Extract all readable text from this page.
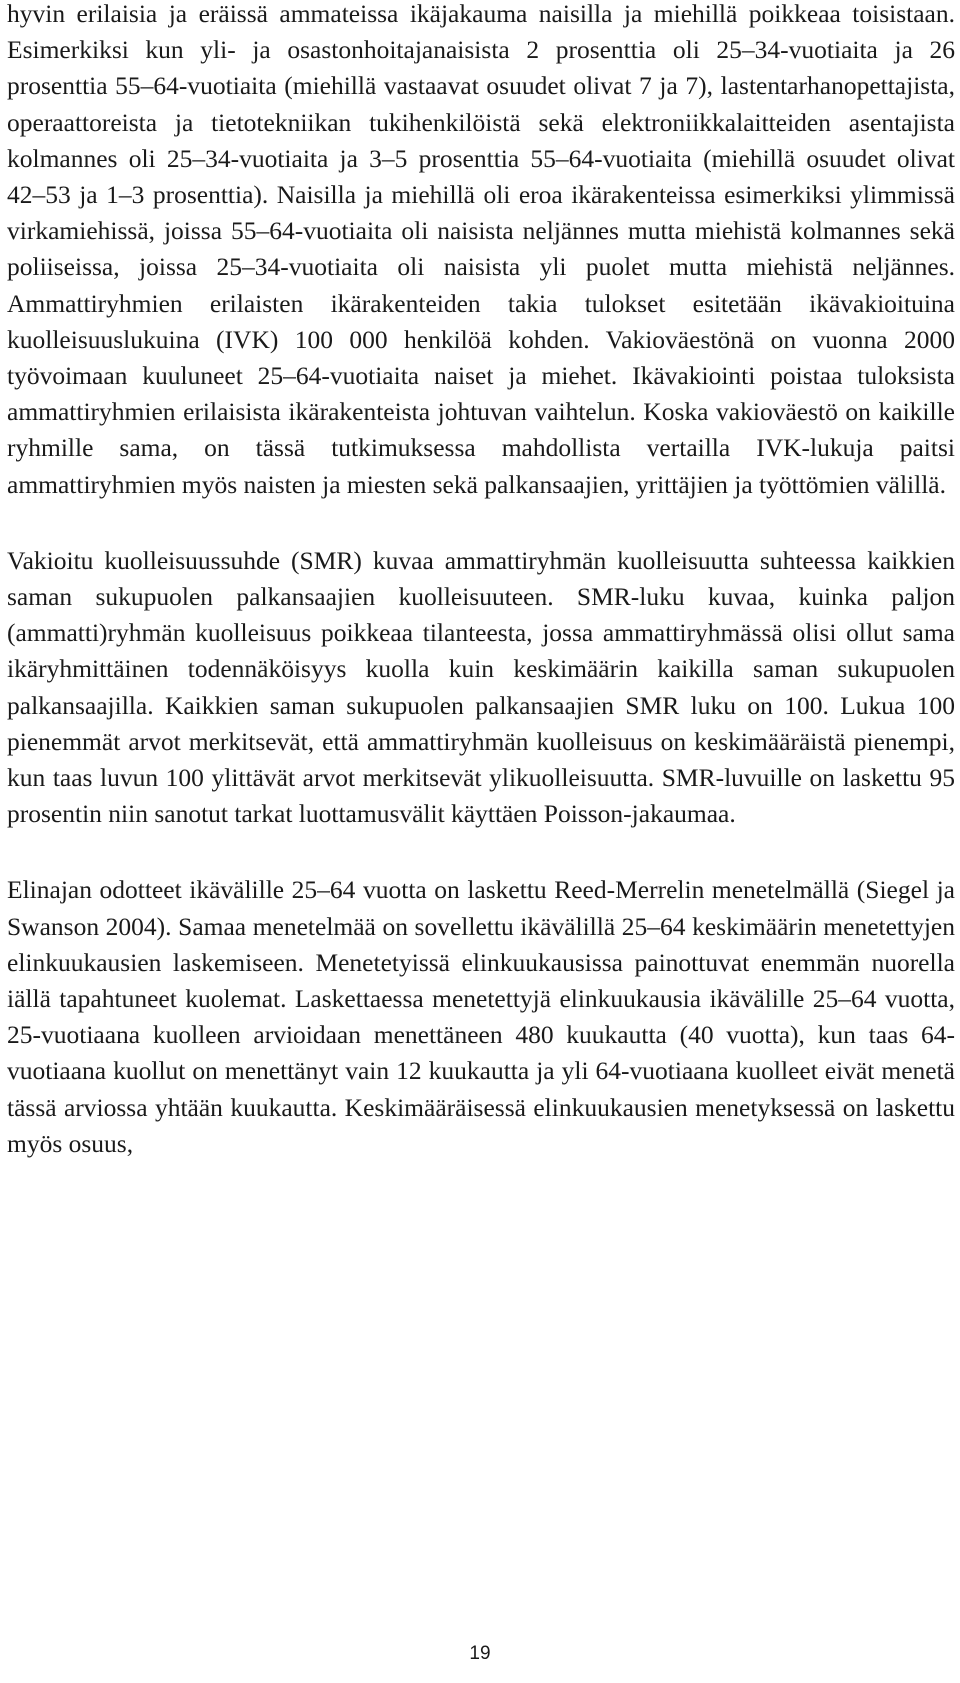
hyvin erilaisia ja eräissä ammateissa ikäjakauma naisilla ja miehillä poikkeaa toisistaan. Esimerkiksi kun yli- ja osastonhoitajanaisista 2 prosenttia oli 25–34-vuotiaita ja 26 prosenttia 55–64-vuotiaita (miehillä vastaavat osuudet olivat 7 ja 7), lastentarhanopettajista, operaattoreista ja tietotekniikan tukihenkilöistä sekä elektroniikkalaitteiden asentajista kolmannes oli 25–34-vuotiaita ja 3–5 prosenttia 55–64-vuotiaita (miehillä osuudet olivat 42–53 ja 1–3 prosenttia). Naisilla ja miehillä oli eroa ikärakenteissa esimerkiksi ylimmissä virkamiehissä, joissa 55–64-vuotiaita oli naisista neljännes mutta miehistä kolmannes sekä poliiseissa, joissa 25–34-vuotiaita oli naisista yli puolet mutta miehistä neljännes. Ammattiryhmien erilaisten ikärakenteiden takia tulokset esitetään ikävakioituina kuolleisuuslukuina (IVK) 100 000 henkilöä kohden. Vakioväestönä on vuonna 2000 työvoimaan kuuluneet 25–64-vuotiaita naiset ja miehet. Ikävakiointi poistaa tuloksista ammattiryhmien erilaisista ikärakenteista johtuvan vaihtelun. Koska vakioväestö on kaikille ryhmille sama, on tässä tutkimuksessa mahdollista vertailla IVK-lukuja paitsi ammattiryhmien myös naisten ja miesten sekä palkansaajien, yrittäjien ja työttömien välillä.

Vakioitu kuolleisuussuhde (SMR) kuvaa ammattiryhmän kuolleisuutta suhteessa kaikkien saman sukupuolen palkansaajien kuolleisuuteen. SMR-luku kuvaa, kuinka paljon (ammatti)ryhmän kuolleisuus poikkeaa tilanteesta, jossa ammattiryhmässä olisi ollut sama ikäryhmittäinen todennäköisyys kuolla kuin keskimäärin kaikilla saman sukupuolen palkansaajilla. Kaikkien saman sukupuolen palkansaajien SMR luku on 100. Lukua 100 pienemmät arvot merkitsevät, että ammattiryhmän kuolleisuus on keskimääräistä pienempi, kun taas luvun 100 ylittävät arvot merkitsevät ylikuolleisuutta. SMR-luvuille on laskettu 95 prosentin niin sanotut tarkat luottamusvälit käyttäen Poisson-jakaumaa.

Elinajan odotteet ikävälille 25–64 vuotta on laskettu Reed-Merrelin menetelmällä (Siegel ja Swanson 2004). Samaa menetelmää on sovellettu ikävälillä 25–64 keskimäärin menetettyjen elinkuukausien laskemiseen. Menetetyissä elinkuukausissa painottuvat enemmän nuorella iällä tapahtuneet kuolemat. Laskettaessa menetettyjä elinkuukausia ikävälille 25–64 vuotta, 25-vuotiaana kuolleen arvioidaan menettäneen 480 kuukautta (40 vuotta), kun taas 64-vuotiaana kuollut on menettänyt vain 12 kuukautta ja yli 64-vuotiaana kuolleet eivät menetä tässä arviossa yhtään kuukautta. Keskimääräisessä elinkuukausien menetyksessä on laskettu myös osuus,

19
